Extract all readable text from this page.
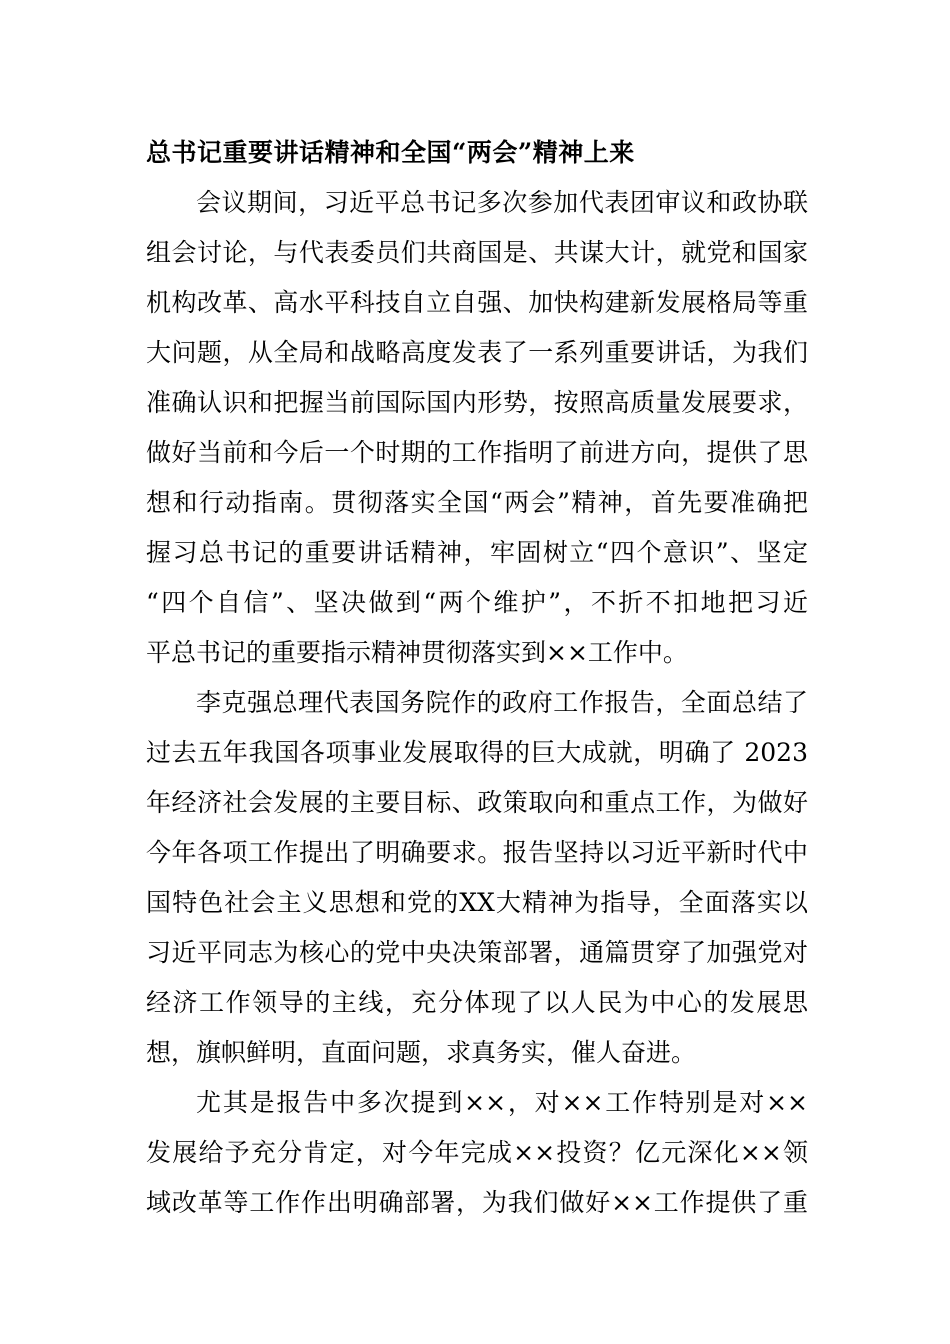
总书记重要讲话精神和全国“两会”精神上来
会议期间，习近平总书记多次参加代表团审议和政协联
组会讨论，与代表委员们共商国是、共谋大计，就党和国家
机构改革、高水平科技自立自强、加快构建新发展格局等重
大问题，从全局和战略高度发表了一系列重要讲话，为我们
准确认识和把握当前国际国内形势，按照高质量发展要求，
做好当前和今后一个时期的工作指明了前进方向，提供了思
想和行动指南。贯彻落实全国“两会”精神，首先要准确把
握习总书记的重要讲话精神，牢固树立“四个意识”、坚定
“四个自信”、坚决做到“两个维护”，不折不扣地把习近
平总书记的重要指示精神贯彻落实到××工作中。
李克强总理代表国务院作的政府工作报告，全面总结了
过去五年我国各项事业发展取得的巨大成就，明确了 2023
年经济社会发展的主要目标、政策取向和重点工作，为做好
今年各项工作提出了明确要求。报告坚持以习近平新时代中
国特色社会主义思想和党的XX大精神为指导，全面落实以
习近平同志为核心的党中央决策部署，通篇贯穿了加强党对
经济工作领导的主线，充分体现了以人民为中心的发展思
想，旗帜鲜明，直面问题，求真务实，催人奋进。
尤其是报告中多次提到××，对××工作特别是对××
发展给予充分肯定，对今年完成××投资？亿元深化××领
域改革等工作作出明确部署，为我们做好××工作提供了重
